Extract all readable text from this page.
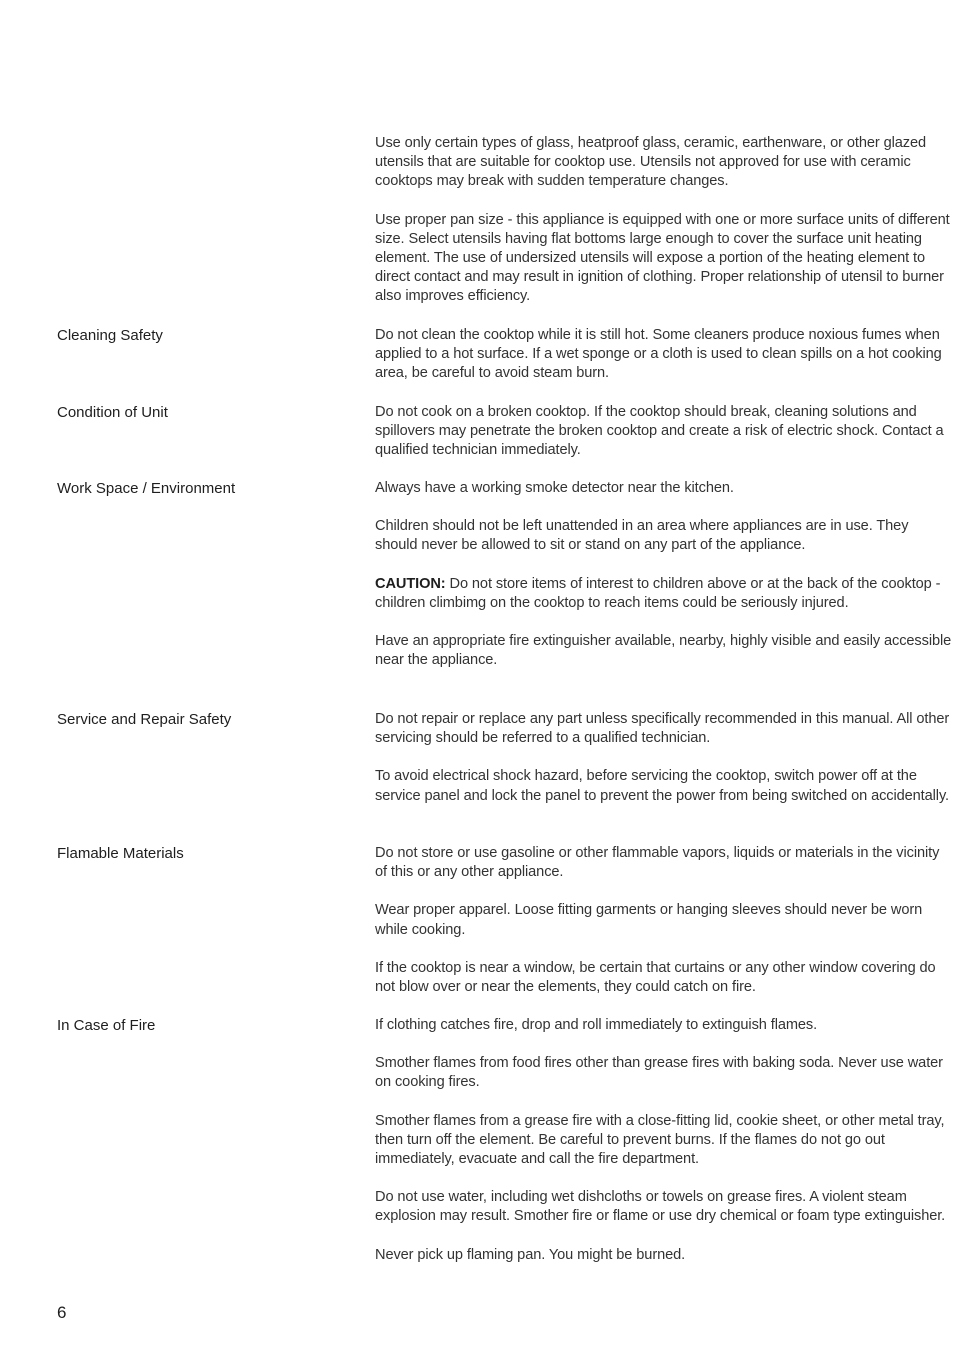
Use only certain types of glass, heatproof glass, ceramic, earthenware, or other glazed utensils that are suitable for cooktop use. Utensils not approved for use with ceramic cooktops may break with sudden temperature changes.

Use proper pan size - this appliance is equipped with one or more surface units of different size. Select utensils having flat bottoms large enough to cover the surface unit heating element. The use of undersized utensils will expose a portion of the heating element to direct contact and may result in ignition of clothing. Proper relationship of utensil to burner also improves efficiency.

Cleaning Safety	Do not clean the cooktop while it is still hot. Some cleaners produce noxious fumes when applied to a hot surface. If a wet sponge or a cloth is used to clean spills on a hot cooking area, be careful to avoid steam burn.

Condition of Unit	Do not cook on a broken cooktop. If the cooktop should break, cleaning solutions and spillovers may penetrate the broken cooktop and create a risk of electric shock. Contact a qualified technician immediately.

Work Space / Environment	Always have a working smoke detector near the kitchen.

Children should not be left unattended in an area where appliances are in use. They should never be allowed to sit or stand on any part of the appliance.

CAUTION: Do not store items of interest to children above or at the back of the cooktop - children climbimg on the cooktop to reach items could be seriously injured.

Have an appropriate fire extinguisher available, nearby, highly visible and easily accessible near the appliance.

Service and Repair Safety	Do not repair or replace any part unless specifically recommended in this manual. All other servicing should be referred to a qualified technician.

To avoid electrical shock hazard, before servicing the cooktop, switch power off at the service panel and lock the panel to prevent the power from being switched on accidentally.

Flamable Materials	Do not store or use gasoline or other flammable vapors, liquids or materials in the vicinity of this or any other appliance.

Wear proper apparel. Loose fitting garments or hanging sleeves should never be worn while cooking.

If the cooktop is near a window, be certain that curtains or any other window covering do not blow over or near the elements, they could catch on fire.

In Case of Fire	If clothing catches fire, drop and roll immediately to extinguish flames.

Smother flames from food fires other than grease fires with baking soda. Never use water on cooking fires.

Smother flames from a grease fire with a close-fitting lid, cookie sheet, or other metal tray, then turn off the element. Be careful to prevent burns. If the flames do not go out immediately, evacuate and call the fire department.

Do not use water, including wet dishcloths or towels on grease fires. A violent steam explosion may result. Smother fire or flame or use dry chemical or foam type extinguisher.

Never pick up flaming pan. You might be burned.

6
